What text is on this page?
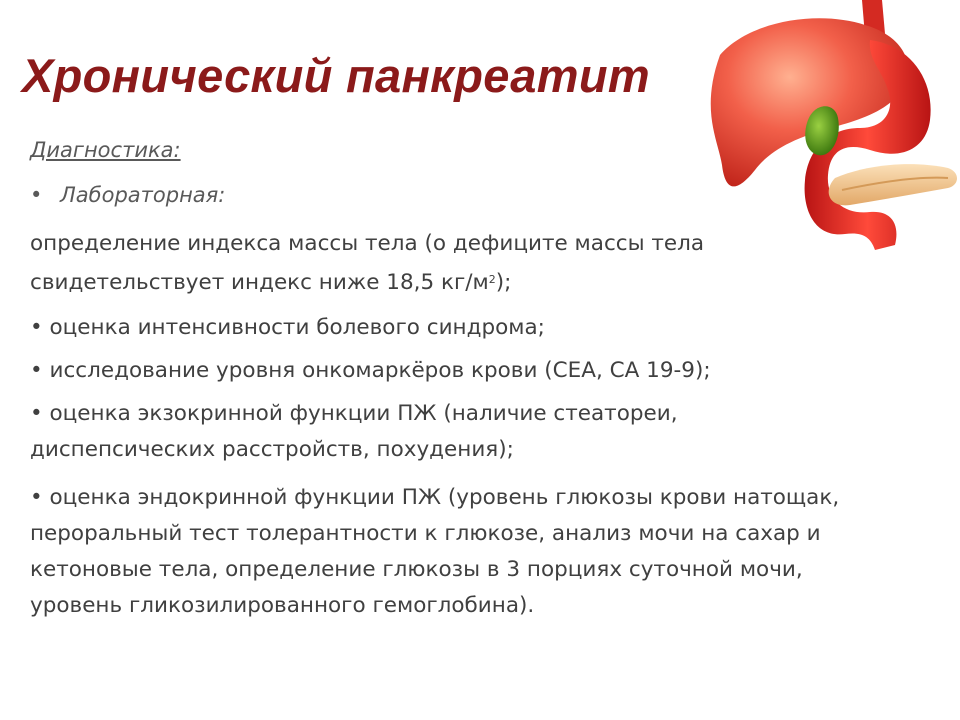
Хронический панкреатит
Диагностика:
• Лабораторная:

определение индекса массы тела (о дефиците массы тела свидетельствует индекс ниже 18,5 $кг/м^2$);

• оценка интенсивности болевого синдрома;

• исследование уровня онкомаркёров крови (СЕА, СА 19-9);

• оценка экзокринной функции ПЖ (наличие стеатореи, диспепсических расстройств, похудения);

• оценка эндокринной функции ПЖ (уровень глюкозы крови натощак, пероральный тест толерантности к глюкозе, анализ мочи на сахар и кетоновые тела, определение глюкозы в 3 порциях суточной мочи, уровень гликозилированного гемоглобина).
